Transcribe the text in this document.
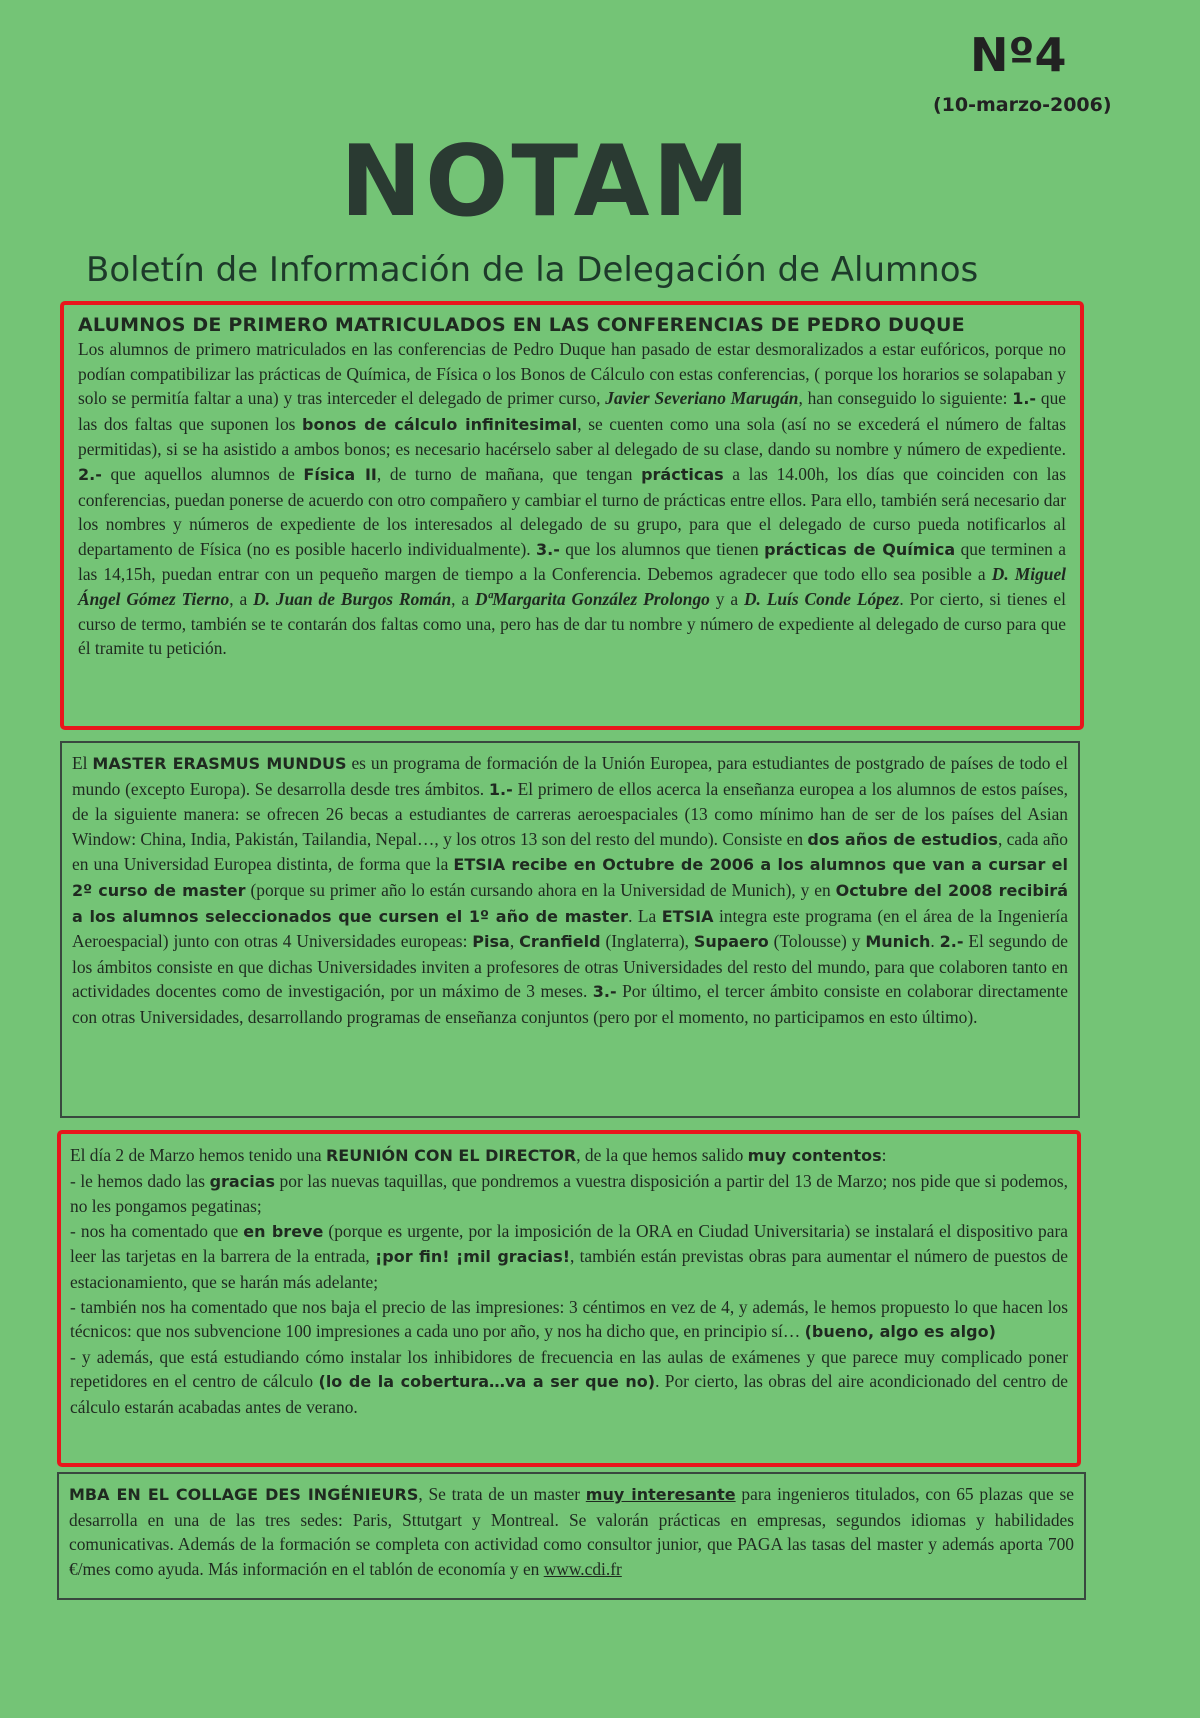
Nº4
(10-marzo-2006)
NOTAM
Boletín de Información de la Delegación de Alumnos
ALUMNOS DE PRIMERO MATRICULADOS EN LAS CONFERENCIAS DE PEDRO DUQUE
Los alumnos de primero matriculados en las conferencias de Pedro Duque han pasado de estar desmoralizados a estar eufóricos, porque no podían compatibilizar las prácticas de Química, de Física o los Bonos de Cálculo con estas conferencias, ( porque los horarios se solapaban y solo se permitía faltar a una) y tras interceder el delegado de primer curso, Javier Severiano Marugán, han conseguido lo siguiente: 1.- que las dos faltas que suponen los bonos de cálculo infinitesimal, se cuenten como una sola (así no se excederá el número de faltas permitidas), si se ha asistido a ambos bonos; es necesario hacérselo saber al delegado de su clase, dando su nombre y número de expediente. 2.- que aquellos alumnos de Física II, de turno de mañana, que tengan prácticas a las 14.00h, los días que coinciden con las conferencias, puedan ponerse de acuerdo con otro compañero y cambiar el turno de prácticas entre ellos. Para ello, también será necesario dar los nombres y números de expediente de los interesados al delegado de su grupo, para que el delegado de curso pueda notificarlos al departamento de Física (no es posible hacerlo individualmente). 3.- que los alumnos que tienen prácticas de Química que terminen a las 14,15h, puedan entrar con un pequeño margen de tiempo a la Conferencia. Debemos agradecer que todo ello sea posible a D. Miguel Ángel Gómez Tierno, a D. Juan de Burgos Román, a DªMargarita González Prolongo y a D. Luís Conde López. Por cierto, si tienes el curso de termo, también se te contarán dos faltas como una, pero has de dar tu nombre y número de expediente al delegado de curso para que él tramite tu petición.
El MASTER ERASMUS MUNDUS es un programa de formación de la Unión Europea, para estudiantes de postgrado de países de todo el mundo (excepto Europa). Se desarrolla desde tres ámbitos. 1.- El primero de ellos acerca la enseñanza europea a los alumnos de estos países, de la siguiente manera: se ofrecen 26 becas a estudiantes de carreras aeroespaciales (13 como mínimo han de ser de los países del Asian Window: China, India, Pakistán, Tailandia, Nepal…, y los otros 13 son del resto del mundo). Consiste en dos años de estudios, cada año en una Universidad Europea distinta, de forma que la ETSIA recibe en Octubre de 2006 a los alumnos que van a cursar el 2º curso de master (porque su primer año lo están cursando ahora en la Universidad de Munich), y en Octubre del 2008 recibirá a los alumnos seleccionados que cursen el 1º año de master. La ETSIA integra este programa (en el área de la Ingeniería Aeroespacial) junto con otras 4 Universidades europeas: Pisa, Cranfield (Inglaterra), Supaero (Tolousse) y Munich. 2.- El segundo de los ámbitos consiste en que dichas Universidades inviten a profesores de otras Universidades del resto del mundo, para que colaboren tanto en actividades docentes como de investigación, por un máximo de 3 meses. 3.- Por último, el tercer ámbito consiste en colaborar directamente con otras Universidades, desarrollando programas de enseñanza conjuntos (pero por el momento, no participamos en esto último).
El día 2 de Marzo hemos tenido una REUNIÓN CON EL DIRECTOR, de la que hemos salido muy contentos:
- le hemos dado las gracias por las nuevas taquillas, que pondremos a vuestra disposición a partir del 13 de Marzo; nos pide que si podemos, no les pongamos pegatinas;
- nos ha comentado que en breve (porque es urgente, por la imposición de la ORA en Ciudad Universitaria) se instalará el dispositivo para leer las tarjetas en la barrera de la entrada, ¡por fin! ¡mil gracias!, también están previstas obras para aumentar el número de puestos de estacionamiento, que se harán más adelante;
- también nos ha comentado que nos baja el precio de las impresiones: 3 céntimos en vez de 4, y además, le hemos propuesto lo que hacen los técnicos: que nos subvencione 100 impresiones a cada uno por año, y nos ha dicho que, en principio sí… (bueno, algo es algo)
- y además, que está estudiando cómo instalar los inhibidores de frecuencia en las aulas de exámenes y que parece muy complicado poner repetidores en el centro de cálculo (lo de la cobertura…va a ser que no). Por cierto, las obras del aire acondicionado del centro de cálculo estarán acabadas antes de verano.
MBA EN EL COLLAGE DES INGÉNIEURS, Se trata de un master muy interesante para ingenieros titulados, con 65 plazas que se desarrolla en una de las tres sedes: Paris, Sttutgart y Montreal. Se valorán prácticas en empresas, segundos idiomas y habilidades comunicativas. Además de la formación se completa con actividad como consultor junior, que PAGA las tasas del master y además aporta 700 €/mes como ayuda. Más información en el tablón de economía y en www.cdi.fr
